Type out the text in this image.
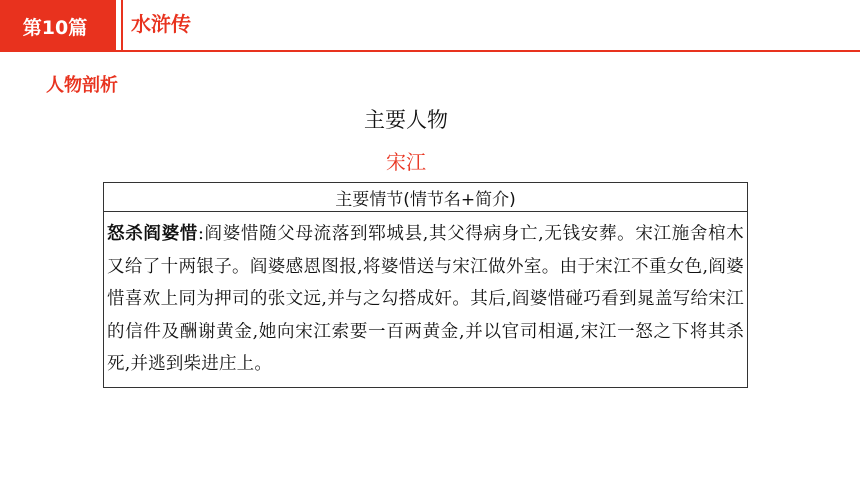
第10篇 水浒传
人物剖析
主要人物
宋江
主要情节(情节名+简介)
怒杀阎婆惜:阎婆惜随父母流落到郓城县,其父得病身亡,无钱安葬。宋江施舍棺木又给了十两银子。阎婆感恩图报,将婆惜送与宋江做外室。由于宋江不重女色,阎婆惜喜欢上同为押司的张文远,并与之勾搭成奸。其后,阎婆惜碰巧看到晁盖写给宋江的信件及酬谢黄金,她向宋江索要一百两黄金,并以官司相逼,宋江一怒之下将其杀死,并逃到柴进庄上。
